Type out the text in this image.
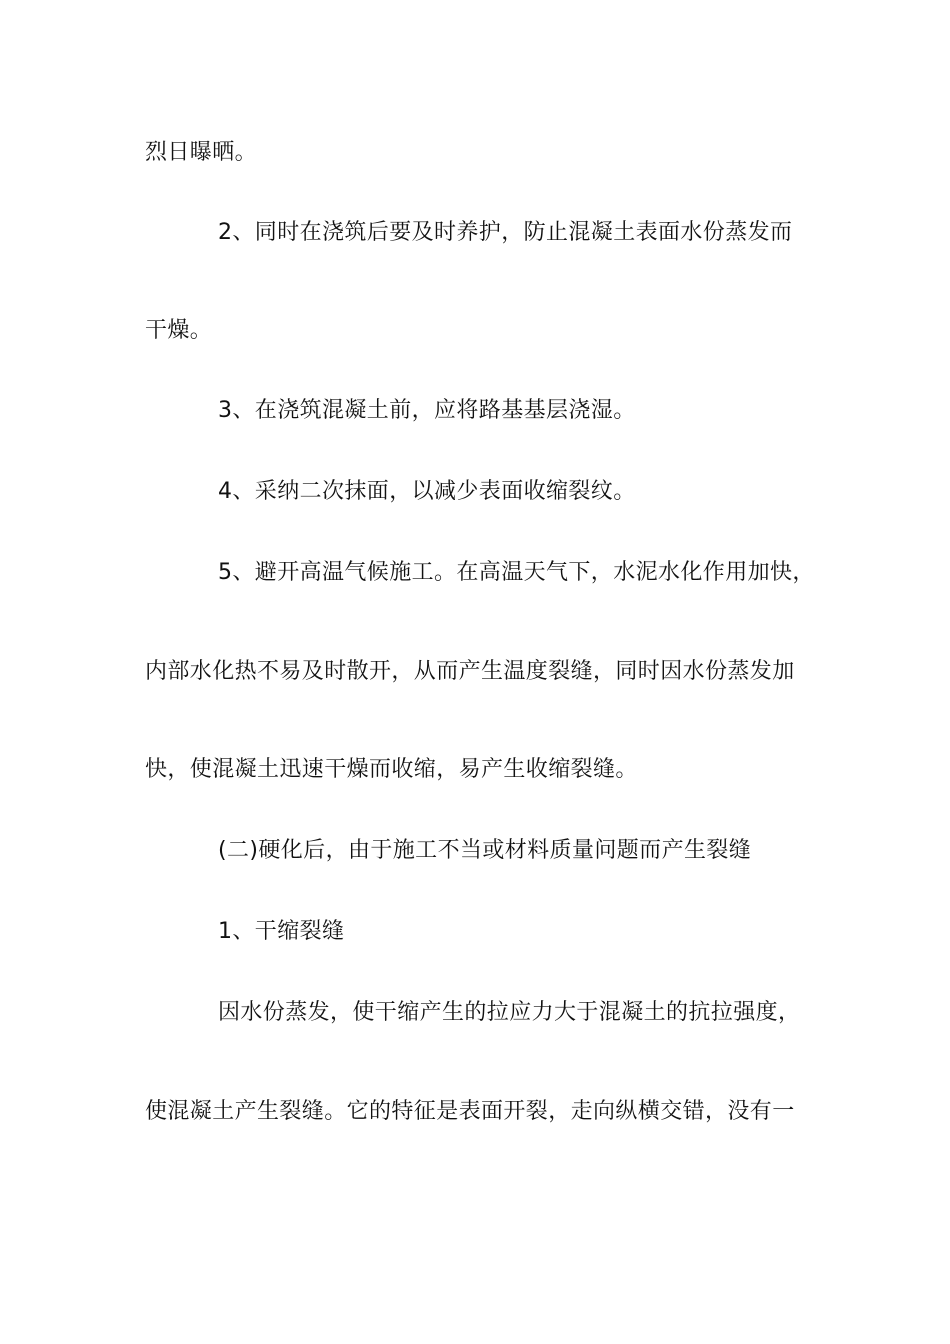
烈日曝晒。
2、同时在浇筑后要及时养护，防止混凝土表面水份蒸发而
干燥。
3、在浇筑混凝土前，应将路基基层浇湿。
4、采纳二次抹面，以减少表面收缩裂纹。
5、避开高温气候施工。在高温天气下，水泥水化作用加快，
内部水化热不易及时散开，从而产生温度裂缝，同时因水份蒸发加
快，使混凝土迅速干燥而收缩，易产生收缩裂缝。
(二)硬化后，由于施工不当或材料质量问题而产生裂缝
1、干缩裂缝
因水份蒸发，使干缩产生的拉应力大于混凝土的抗拉强度，
使混凝土产生裂缝。它的特征是表面开裂，走向纵横交错，没有一
